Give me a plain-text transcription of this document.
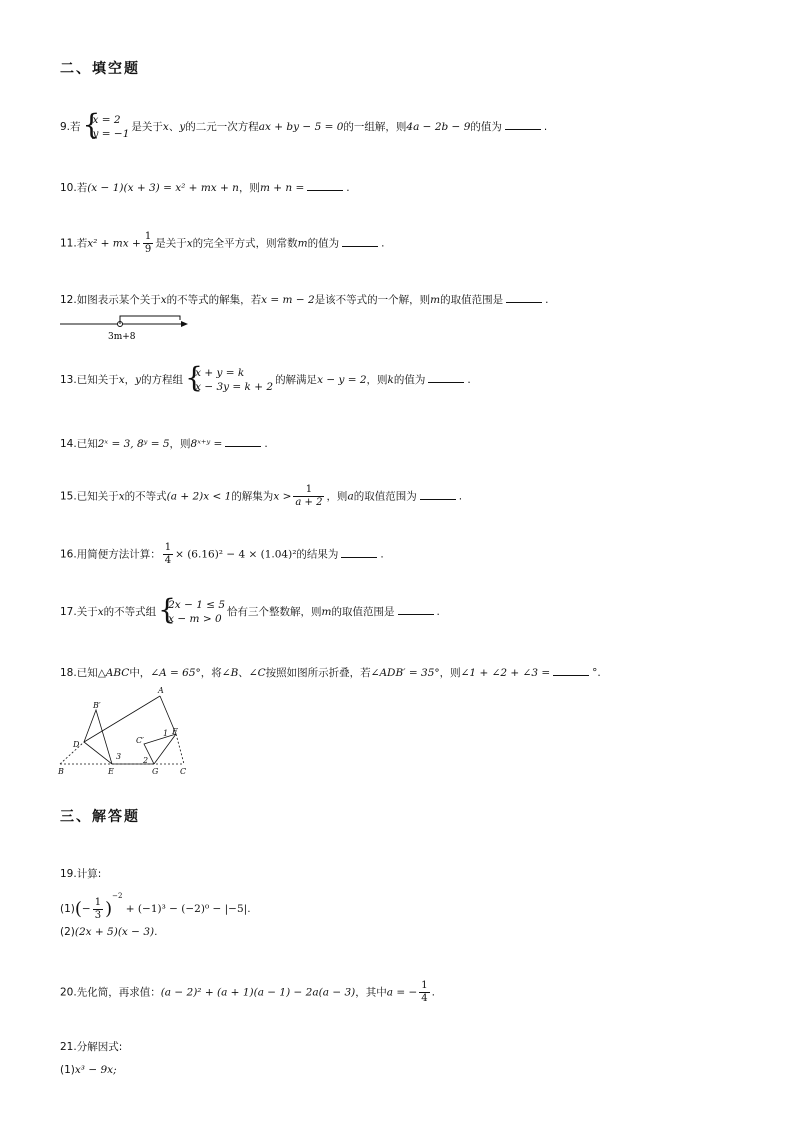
二、填空题
9.若 {
x = 2
y = −1
是关于x、y的二元一次方程ax + by − 5 = 0的一组解，则4a − 2b − 9的值为	.
10.若(x − 1)(x + 3) = x² + mx + n，则m + n =	.
11.若x² + mx + $\frac{1}{9}$ 是关于x的完全平方式，则常数m的值为	.
12.如图表示某个关于x的不等式的解集，若x = m − 2是该不等式的一个解，则m的取值范围是	.
3m+8
13.已知关于x，y的方程组 {
x + y = k
x − 3y = k + 2
的解满足x − y = 2，则k的值为	.
14.已知2ˣ = 3, 8ʸ = 5，则8ˣ⁺ʸ =	.
15.已知关于x的不等式(a + 2)x < 1的解集为$x > \frac{1}{a + 2}$ ，则a的取值范围为	.
16.用简便方法计算： $\frac{1}{4} \times (6.16)^2 - 4 \times (1.04)^2$的结果为	.
17.关于x的不等式组 {
2x − 1 ≤ 5
x − m > 0
恰有三个整数解，则m的取值范围是	.
18.已知△ABC中，∠A = 65°，将∠B、∠C按照如图所示折叠，若∠ADB′ = 35°，则∠1 + ∠2 + ∠3 =	°.
A
B′
D
3
C′
1 F
2
B	E	G	C
三、解答题
19.计算:
$(1)(- \frac{1}{3} )^{-2} + (-1)^3 - (-2)^0 - |-5|$.
(2)(2x + 5)(x − 3).
20.先化简，再求值：(a − 2)² + (a + 1)(a − 1) − 2a(a − 3)，其中a = − $\frac{1}{4}$ .
21.分解因式:
(1)x³ − 9x;
